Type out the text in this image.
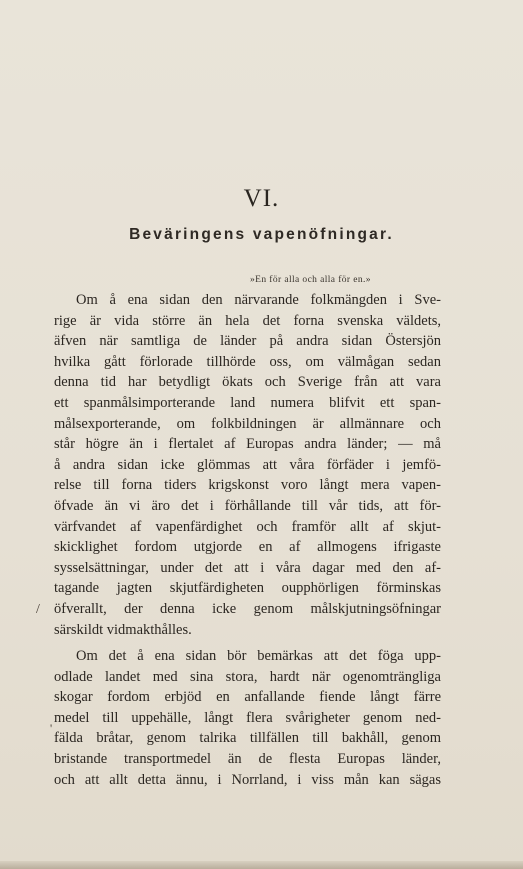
VI.
Beväringens vapenöfningar.
»En för alla och alla för en.»
Om å ena sidan den närvarande folkmängden i Sve-
rige är vida större än hela det forna svenska väldets,
äfven när samtliga de länder på andra sidan Östersjön
hvilka gått förlorade tillhörde oss, om välmågan sedan
denna tid har betydligt ökats och Sverige från att vara
ett spanmålsimporterande land numera blifvit ett span-
målsexporterande, om folkbildningen är allmännare och
står högre än i flertalet af Europas andra länder; — må
å andra sidan icke glömmas att våra förfäder i jemfö-
relse till forna tiders krigskonst voro långt mera vapen-
öfvade än vi äro det i förhållande till vår tids, att för-
värfvandet af vapenfärdighet och framför allt af skjut-
skicklighet fordom utgjorde en af allmogens ifrigaste
sysselsättningar, under det att i våra dagar med den af-
tagande jagten skjutfärdigheten oupphörligen förminskas
öfverallt, der denna icke genom målskjutningsöfningar
särskildt vidmakthålles.
Om det å ena sidan bör bemärkas att det föga upp-
odlade landet med sina stora, hardt när ogenomträngliga
skogar fordom erbjöd en anfallande fiende långt färre
medel till uppehälle, långt flera svårigheter genom ned-
fälda bråtar, genom talrika tillfällen till bakhåll, genom
bristande transportmedel än de flesta Europas länder,
och att allt detta ännu, i Norrland, i viss mån kan sägas
/
'
